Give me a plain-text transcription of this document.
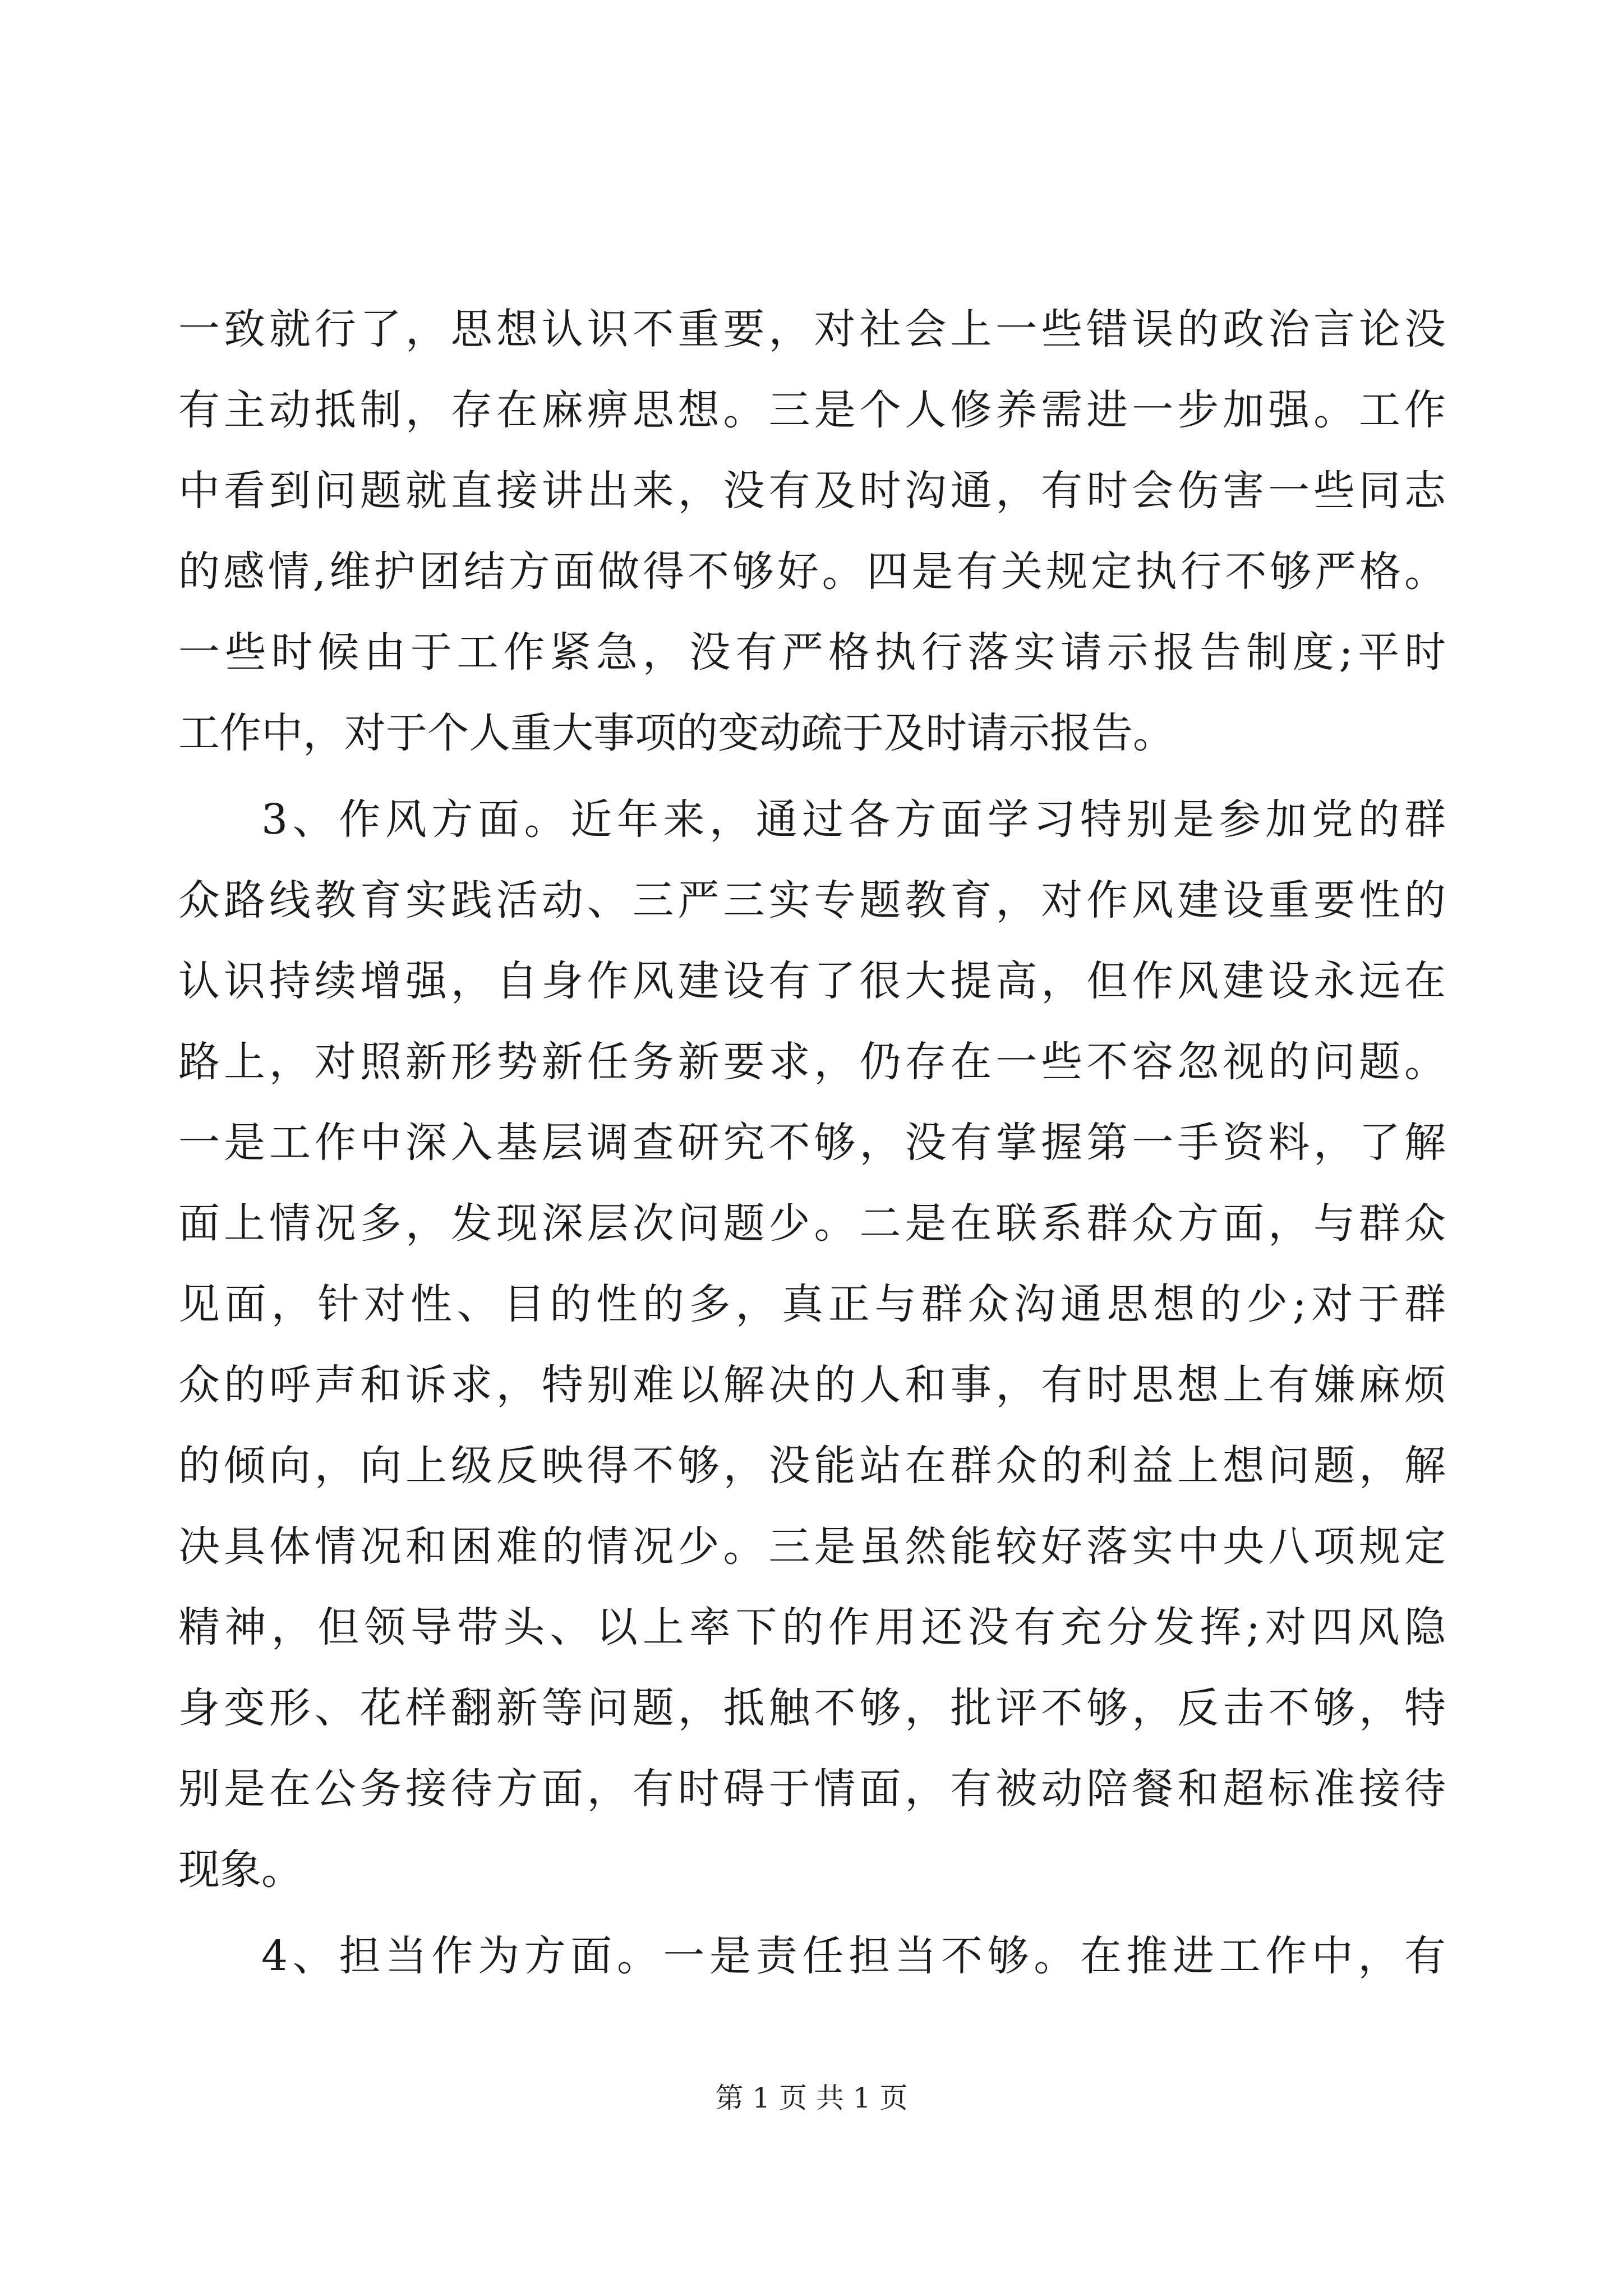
一致就行了，思想认识不重要，对社会上一些错误的政治言论没
有主动抵制，存在麻痹思想。三是个人修养需进一步加强。工作
中看到问题就直接讲出来，没有及时沟通，有时会伤害一些同志
的感情,维护团结方面做得不够好。四是有关规定执行不够严格。
一些时候由于工作紧急，没有严格执行落实请示报告制度;平时
工作中，对于个人重大事项的变动疏于及时请示报告。
3、作风方面。近年来，通过各方面学习特别是参加党的群
众路线教育实践活动、三严三实专题教育，对作风建设重要性的
认识持续增强，自身作风建设有了很大提高，但作风建设永远在
路上，对照新形势新任务新要求，仍存在一些不容忽视的问题。
一是工作中深入基层调查研究不够，没有掌握第一手资料，了解
面上情况多，发现深层次问题少。二是在联系群众方面，与群众
见面，针对性、目的性的多，真正与群众沟通思想的少;对于群
众的呼声和诉求，特别难以解决的人和事，有时思想上有嫌麻烦
的倾向，向上级反映得不够，没能站在群众的利益上想问题，解
决具体情况和困难的情况少。三是虽然能较好落实中央八项规定
精神，但领导带头、以上率下的作用还没有充分发挥;对四风隐
身变形、花样翻新等问题，抵触不够，批评不够，反击不够，特
别是在公务接待方面，有时碍于情面，有被动陪餐和超标准接待
现象。
4、担当作为方面。一是责任担当不够。在推进工作中，有
第 1 页 共 1 页
